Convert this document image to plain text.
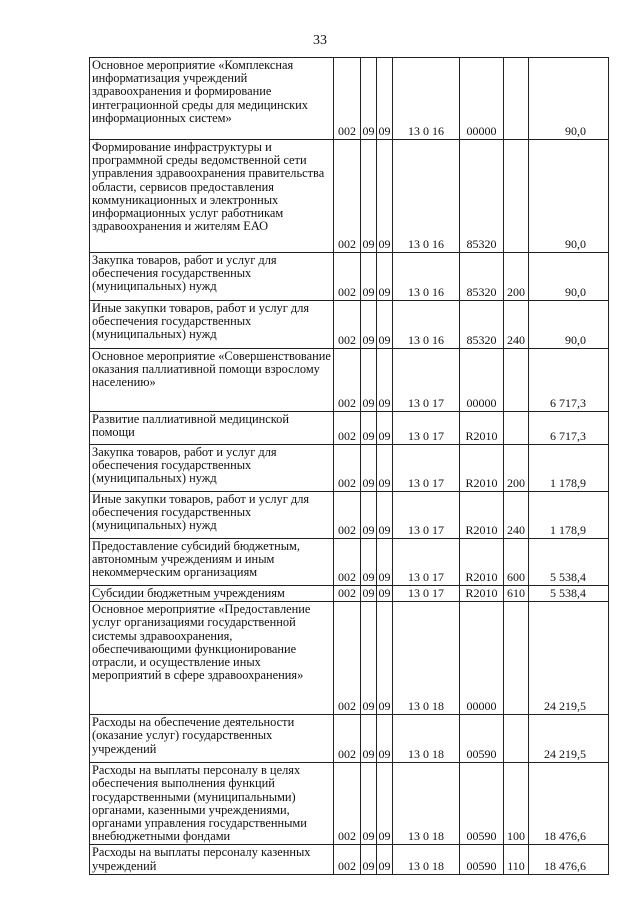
33
Основное мероприятие «Комплексная информатизация учреждений здравоохранения и формирование интеграционной среды для медицинских информационных систем»	002	09	09	13 0 16	00000		90,0
Формирование инфраструктуры и программной среды ведомственной сети управления здравоохранения правительства области, сервисов предоставления коммуникационных и электронных информационных услуг работникам здравоохранения и жителям ЕАО	002	09	09	13 0 16	85320		90,0
Закупка товаров, работ и услуг для обеспечения государственных (муниципальных) нужд	002	09	09	13 0 16	85320	200	90,0
Иные закупки товаров, работ и услуг для обеспечения государственных (муниципальных) нужд	002	09	09	13 0 16	85320	240	90,0
Основное мероприятие «Совершенствование оказания паллиативной помощи взрослому населению»	002	09	09	13 0 17	00000		6 717,3
Развитие паллиативной медицинской помощи	002	09	09	13 0 17	R2010		6 717,3
Закупка товаров, работ и услуг для обеспечения государственных (муниципальных) нужд	002	09	09	13 0 17	R2010	200	1 178,9
Иные закупки товаров, работ и услуг для обеспечения государственных (муниципальных) нужд	002	09	09	13 0 17	R2010	240	1 178,9
Предоставление субсидий бюджетным, автономным учреждениям и иным некоммерческим организациям	002	09	09	13 0 17	R2010	600	5 538,4
Субсидии бюджетным учреждениям	002	09	09	13 0 17	R2010	610	5 538,4
Основное мероприятие «Предоставление услуг организациями государственной системы здравоохранения, обеспечивающими функционирование отрасли, и осуществление иных мероприятий в сфере здравоохранения»	002	09	09	13 0 18	00000		24 219,5
Расходы на обеспечение деятельности (оказание услуг) государственных учреждений	002	09	09	13 0 18	00590		24 219,5
Расходы на выплаты персоналу в целях обеспечения выполнения функций государственными (муниципальными) органами, казенными учреждениями, органами управления государственными внебюджетными фондами	002	09	09	13 0 18	00590	100	18 476,6
Расходы на выплаты персоналу казенных учреждений	002	09	09	13 0 18	00590	110	18 476,6
